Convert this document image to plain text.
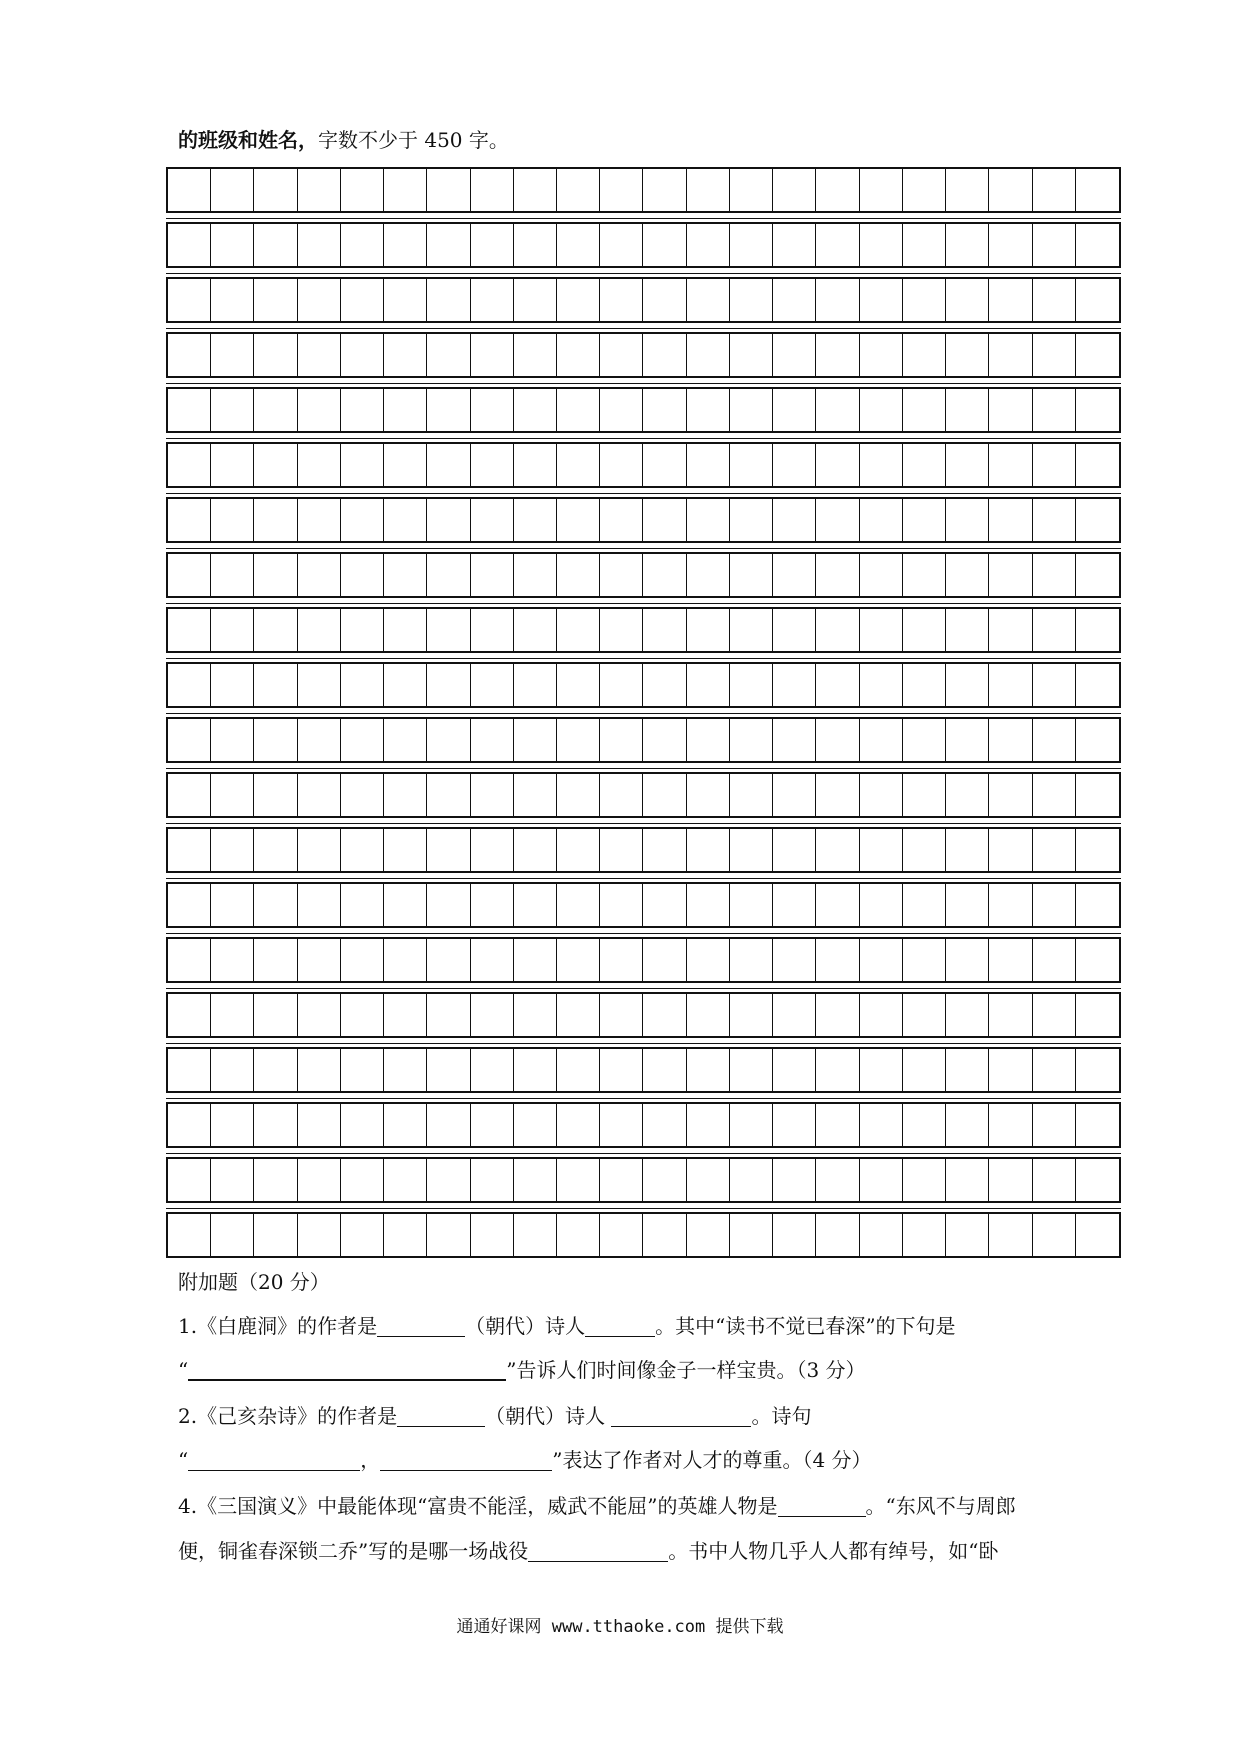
的班级和姓名，字数不少于 450 字。
附加题（20 分）
1.《白鹿洞》的作者是	（朝代）诗人	。其中“读书不觉已春深”的下句是
“	”告诉人们时间像金子一样宝贵。（3 分）
2.《己亥杂诗》的作者是	（朝代）诗人	。诗句
“	，	”表达了作者对人才的尊重。（4 分）
4.《三国演义》中最能体现“富贵不能淫，威武不能屈”的英雄人物是	。“东风不与周郎
便，铜雀春深锁二乔”写的是哪一场战役	。书中人物几乎人人都有绰号，如“卧
通通好课网 www.tthaoke.com 提供下载
